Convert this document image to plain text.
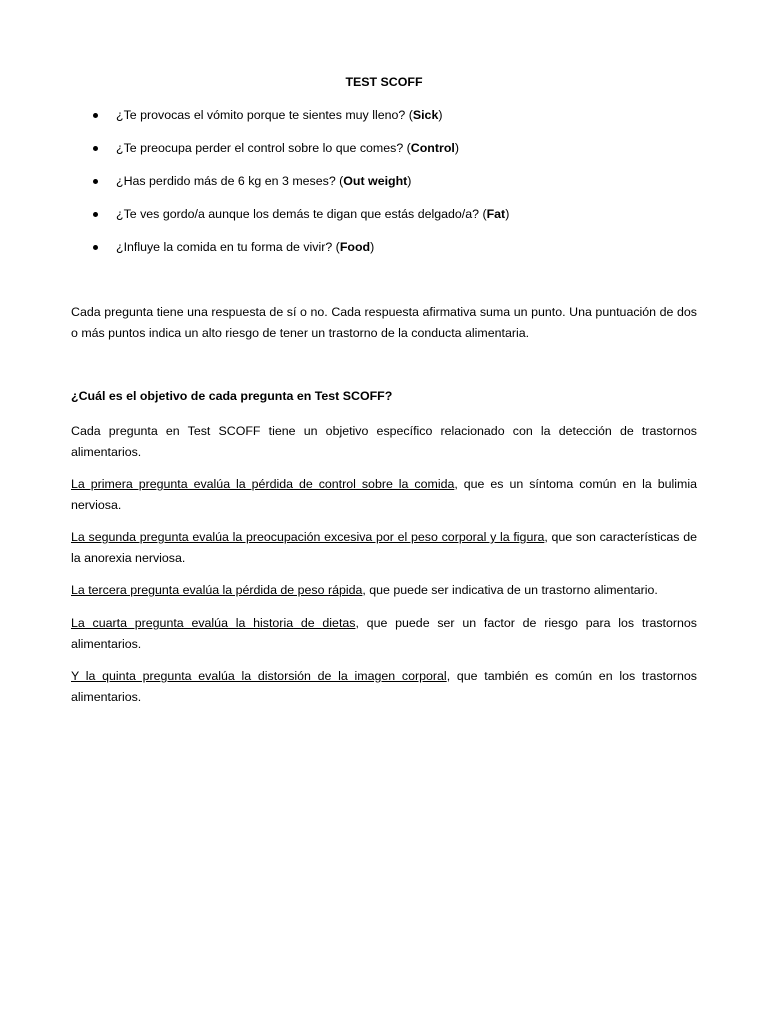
TEST SCOFF
¿Te provocas el vómito porque te sientes muy lleno? (Sick)
¿Te preocupa perder el control sobre lo que comes? (Control)
¿Has perdido más de 6 kg en 3 meses? (Out weight)
¿Te ves gordo/a aunque los demás te digan que estás delgado/a? (Fat)
¿Influye la comida en tu forma de vivir? (Food)

Cada pregunta tiene una respuesta de sí o no. Cada respuesta afirmativa suma un punto. Una puntuación de dos o más puntos indica un alto riesgo de tener un trastorno de la conducta alimentaria.

¿Cuál es el objetivo de cada pregunta en Test SCOFF?

Cada pregunta en Test SCOFF tiene un objetivo específico relacionado con la detección de trastornos alimentarios.

La primera pregunta evalúa la pérdida de control sobre la comida, que es un síntoma común en la bulimia nerviosa.

La segunda pregunta evalúa la preocupación excesiva por el peso corporal y la figura, que son características de la anorexia nerviosa.

La tercera pregunta evalúa la pérdida de peso rápida, que puede ser indicativa de un trastorno alimentario.

La cuarta pregunta evalúa la historia de dietas, que puede ser un factor de riesgo para los trastornos alimentarios.

Y la quinta pregunta evalúa la distorsión de la imagen corporal, que también es común en los trastornos alimentarios.
